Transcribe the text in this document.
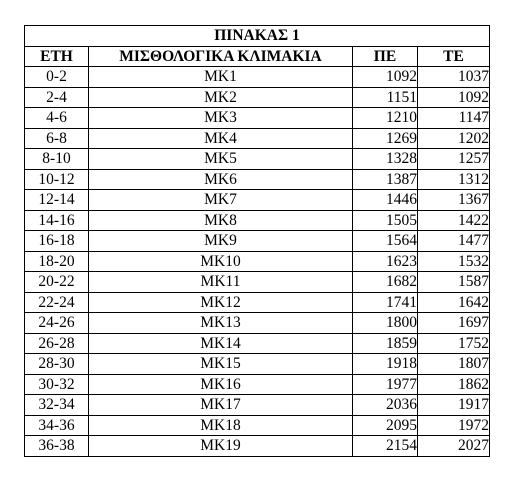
ΠΙΝΑΚΑΣ 1			
ΕΤΗ	ΜΙΣΘΟΛΟΓΙΚΑ ΚΛΙΜΑΚΙΑ	ΠΕ	ΤΕ
0-2	ΜΚ1	1092	1037
2-4	ΜΚ2	1151	1092
4-6	ΜΚ3	1210	1147
6-8	ΜΚ4	1269	1202
8-10	ΜΚ5	1328	1257
10-12	ΜΚ6	1387	1312
12-14	ΜΚ7	1446	1367
14-16	ΜΚ8	1505	1422
16-18	ΜΚ9	1564	1477
18-20	ΜΚ10	1623	1532
20-22	ΜΚ11	1682	1587
22-24	ΜΚ12	1741	1642
24-26	ΜΚ13	1800	1697
26-28	ΜΚ14	1859	1752
28-30	ΜΚ15	1918	1807
30-32	ΜΚ16	1977	1862
32-34	ΜΚ17	2036	1917
34-36	ΜΚ18	2095	1972
36-38	ΜΚ19	2154	2027
